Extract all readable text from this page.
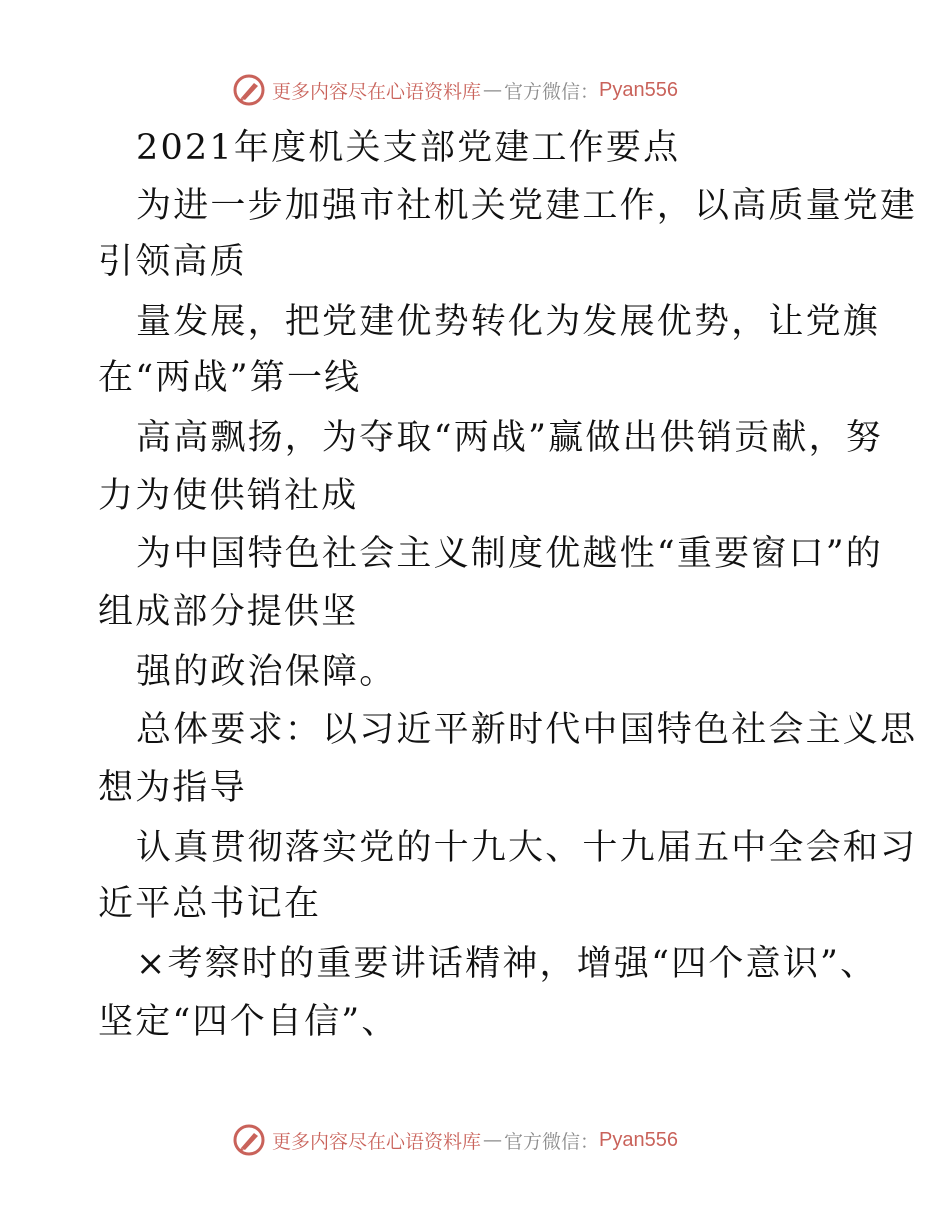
更多内容尽在心语资料库 — 官方微信： Pyan556
2021年度机关支部党建工作要点
为进一步加强市社机关党建工作，以高质量党建
引领高质
量发展，把党建优势转化为发展优势，让党旗
在“两战”第一线
高高飘扬，为夺取“两战”赢做出供销贡献，努
力为使供销社成
为中国特色社会主义制度优越性“重要窗口”的
组成部分提供坚
强的政治保障。
总体要求：以习近平新时代中国特色社会主义思
想为指导
认真贯彻落实党的十九大、十九届五中全会和习
近平总书记在
×考察时的重要讲话精神，增强“四个意识”、
坚定“四个自信”、
更多内容尽在心语资料库 — 官方微信： Pyan556
